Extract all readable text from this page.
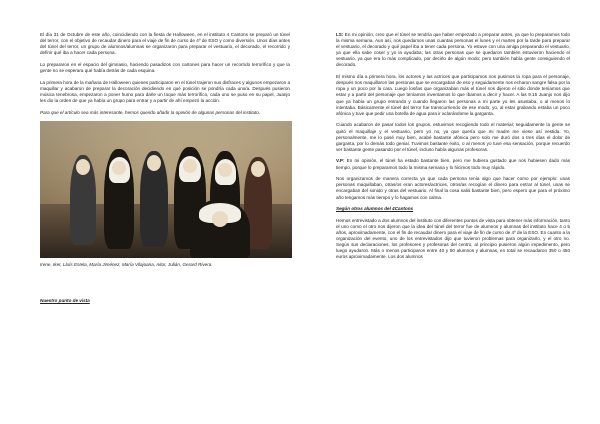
El día 31 de Octubre de este año, coincidiendo con la fiesta de Halloween, en el instituto 4 Cantons se preparó un túnel del terror, con el objetivo de recaudar dinero para el viaje de fin de curso de 4º de ESO y como diversión. Unos días antes del túnel del terror, un grupo de alumnos/alumnas se organizaron para preparar el vestuario, el decorado, el recorrido y definir qué iba a hacer cada persona.

Lo prepararon en el espacio del gimnasio, haciendo pasadizos con cartones para hacer un recorrido terrorífico y que la gente no se esperara qué había detrás de cada esquina.

La primera hora de la mañana de Halloween quienes participaron en el túnel trajeron sus disfraces y algunos empezaron a maquillar y acabaron de preparar la decoración decidiendo en qué posición se pondría cada uno/a. Después pusieron música tenebrosa, empezaron a poner humo para darle un toque más terrorífico, cada uno se puso en su papel, Juanjo les dio la orden de que ya había un grupo para entrar y a partir de ahí empezó la acción.

Para que el artículo sea más interesante, hemos querido añadir la opinión de algunas personas del instituto.

Irene, Iker, Lluís Estela, María Jiménez, María Vilajoana, Aitor, Julián, Gerard Rivera.
Nuestro punto de vista

LS: En mi opinión, creo que el túnel se tendría que haber empezado a preparar antes, ya que lo preparamos todo la misma semana. Aun así, nos quedamos unas cuantas personas el lunes y el martes por la tarde para preparar el vestuario, el decorado y qué papel iba a tener cada persona. Yo estuve con una amiga preparando el vestuario, ya que ella sabe coser y yo la ayudaba; las otras personas que se quedaron también estuvieron haciendo el vestuario, ya que era lo más complicado, por decirlo de algún modo; pero también había gente consiguiendo el decorado.

El mismo día a primera hora, los actores y las actrices que participamos nos pusimos la ropa para el personaje, después nos maquillaron las personas que se encargaban de eso y seguidamente nos echaron sangre falsa por la ropa y un poco por la cara. Luego los/las que organizaban más el túnel nos dijeron el sitio donde teníamos que estar y a partir del personaje que teníamos inventamos lo que íbamos a decir y hacer. A las 9.15 Juanjo nos dijo que ya había un grupo entrando y cuando llegaron las personas a mi parte yo les asustaba, o al menos lo intentaba. Básicamente el túnel del terror fue transcurriendo de ese modo, yo, al estar grabando estaba un poco afónica y tuve que pedir una botella de agua para ir aclarándome la garganta.

Cuando acabaron de pasar todos los grupos, estuvimos recogiendo todo el material; seguidamente la gente se quitó el maquillaje y el vestuario, pero yo no, ya que quería que mi madre me viese así vestida. Yo, personalmente, me lo pasé muy bien, acabé bastante afónica pero solo me duró dos o tres días el dolor de garganta, por lo demás todo genial. Tuvimos bastante éxito, o al menos yo tuve esa sensación, porque recuerdo ver bastante gente pasando por el túnel, incluso había algunas profesoras.

V.P: En mi opinión, el túnel ha estado bastante bien, pero me hubiera gustado que nos hubiesen dado más tiempo, porque lo preparamos todo la misma semana y lo hicimos todo muy rápido.

Nos organizamos de manera correcta ya que cada persona tenía algo que hacer como por ejemplo: unas personas maquillaban, otras/os eran actores/actrices, otros/as recogían el dinero para entrar al túnel, unas se encargaban del sonido y otras del vestuario. Al final la cosa salió bastante bien, pero espero que para el próximo año tengamos más tiempo y lo hagamos con calma.

Según otros alumnos del 4Cantons

Hemos entrevistado a dos alumnos del instituto con diferentes puntos de vista para obtener más información, tanto el uno como el otro nos dijeron que la idea del túnel del terror fue de alumnos y alumnas del instituto hace 4 o 5 años, aproximadamente, con el fin de recaudar dinero para el viaje de fin de curso de 4º de la ESO. En cuanto a la organización del evento, uno de los entrevistados dijo que tuvieron problemas para organizarlo, y el otro no. Según sus declaraciones, los profesores y profesoras del centro, al principio pusieron algún impedimento, pero luego ayudaron. Más o menos participaron entre 40 y 50 alumnos y alumnas, en total se recaudaron 350 o 450 euros aproximadamente. Los dos alumnos
